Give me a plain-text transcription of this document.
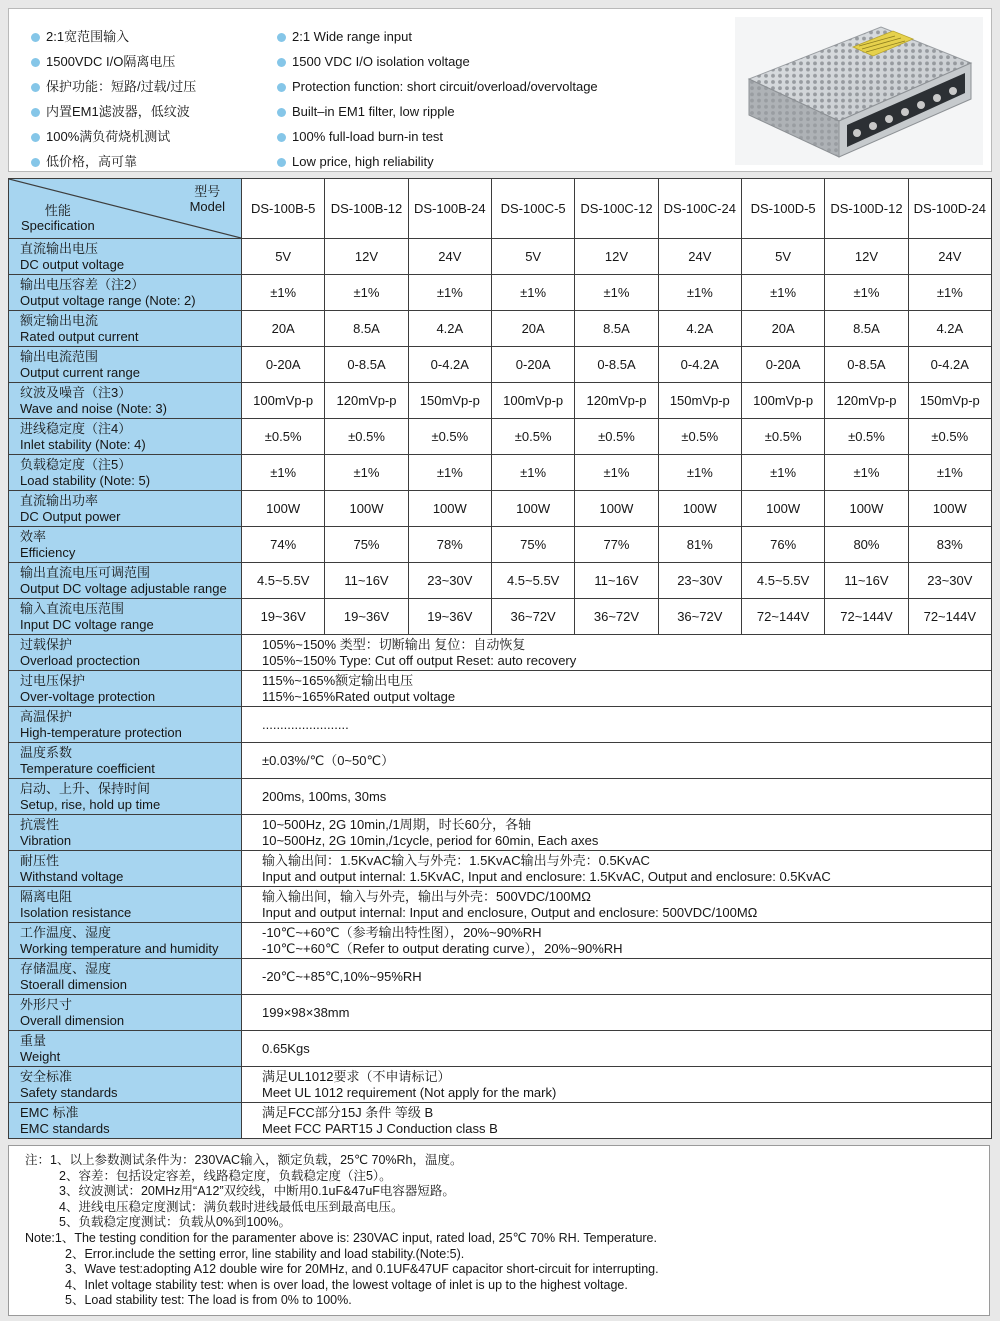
2:1宽范围输入
1500VDC I/O隔离电压
保护功能：短路/过载/过压
内置EM1滤波器，低纹波
100%满负荷烧机测试
低价格，高可靠
2:1 Wide range input
1500 VDC I/O isolation voltage
Protection function: short circuit/overload/overvoltage
Built–in EM1 filter, low ripple
100% full-load burn-in test
Low price, high reliability
型号
Model
性能
Specification	DS-100B-5	DS-100B-12	DS-100B-24	DS-100C-5	DS-100C-12	DS-100C-24	DS-100D-5	DS-100D-12	DS-100D-24

直流输出电压
DC output voltage	5V	12V	24V	5V	12V	24V	5V	12V	24V

输出电压容差（注2）
Output voltage range (Note: 2)	±1%	±1%	±1%	±1%	±1%	±1%	±1%	±1%	±1%

额定输出电流
Rated output current	20A	8.5A	4.2A	20A	8.5A	4.2A	20A	8.5A	4.2A

输出电流范围
Output current range	0-20A	0-8.5A	0-4.2A	0-20A	0-8.5A	0-4.2A	0-20A	0-8.5A	0-4.2A

纹波及噪音（注3）
Wave and noise (Note: 3)	100mVp-p	120mVp-p	150mVp-p	100mVp-p	120mVp-p	150mVp-p	100mVp-p	120mVp-p	150mVp-p

进线稳定度（注4）
Inlet stability (Note: 4)	±0.5%	±0.5%	±0.5%	±0.5%	±0.5%	±0.5%	±0.5%	±0.5%	±0.5%

负载稳定度（注5）
Load stability (Note: 5)	±1%	±1%	±1%	±1%	±1%	±1%	±1%	±1%	±1%

直流输出功率
DC Output power	100W	100W	100W	100W	100W	100W	100W	100W	100W

效率
Efficiency	74%	75%	78%	75%	77%	81%	76%	80%	83%

输出直流电压可调范围
Output DC voltage adjustable range	4.5~5.5V	11~16V	23~30V	4.5~5.5V	11~16V	23~30V	4.5~5.5V	11~16V	23~30V

输入直流电压范围
Input DC voltage range	19~36V	19~36V	19~36V	36~72V	36~72V	36~72V	72~144V	72~144V	72~144V

过载保护
Overload proctection

105%~150% 类型：切断输出 复位：自动恢复
105%~150% Type: Cut off output Reset: auto recovery

过电压保护
Over-voltage protection

115%~165%额定输出电压
115%~165%Rated output voltage

高温保护
High-temperature protection	........................								

温度系数
Temperature coefficient	±0.03%/℃（0~50℃）								

启动、上升、保持时间
Setup, rise, hold up time	200ms, 100ms, 30ms								

抗震性
Vibration

10~500Hz, 2G 10min,/1周期，时长60分，各轴
10~500Hz, 2G 10min,/1cycle, period for 60min, Each axes

耐压性
Withstand voltage

输入输出间：1.5KvAC输入与外壳：1.5KvAC输出与外壳：0.5KvAC
Input and output internal: 1.5KvAC, Input and enclosure: 1.5KvAC, Output and enclosure: 0.5KvAC

隔离电阻
Isolation resistance

输入输出间，输入与外壳，输出与外壳：500VDC/100MΩ
Input and output internal: Input and enclosure, Output and enclosure: 500VDC/100MΩ

工作温度、湿度
Working temperature and humidity

-10℃~+60℃（参考输出特性图），20%~90%RH
-10℃~+60℃（Refer to output derating curve），20%~90%RH

存储温度、湿度
Stoerall dimension	-20℃~+85℃,10%~95%RH								

外形尺寸
Overall dimension	199×98×38mm								

重量
Weight	0.65Kgs								

安全标准
Safety standards

满足UL1012要求（不申请标记）
Meet UL 1012 requirement (Not apply for the mark)

EMC 标准
EMC standards

满足FCC部分15J 条件 等级 B
Meet FCC PART15 J Conduction class B
注：1、以上参数测试条件为：230VAC输入，额定负载，25℃ 70%Rh，温度。
2、容差：包括设定容差，线路稳定度，负载稳定度（注5）。
3、纹波测试：20MHz用“A12”双绞线，中断用0.1uF&47uF电容器短路。
4、进线电压稳定度测试：满负载时进线最低电压到最高电压。
5、负载稳定度测试：负载从0%到100%。
Note:1、The testing condition for the paramenter above is: 230VAC input, rated load, 25℃ 70% RH. Temperature.
2、Error.include the setting error, line stability and load stability.(Note:5).
3、Wave test:adopting A12 double wire for 20MHz, and 0.1UF&47UF capacitor short-circuit for interrupting.
4、Inlet voltage stability test: when is over load, the lowest voltage of inlet is up to the highest voltage.
5、Load stability test: The load is from 0% to 100%.
